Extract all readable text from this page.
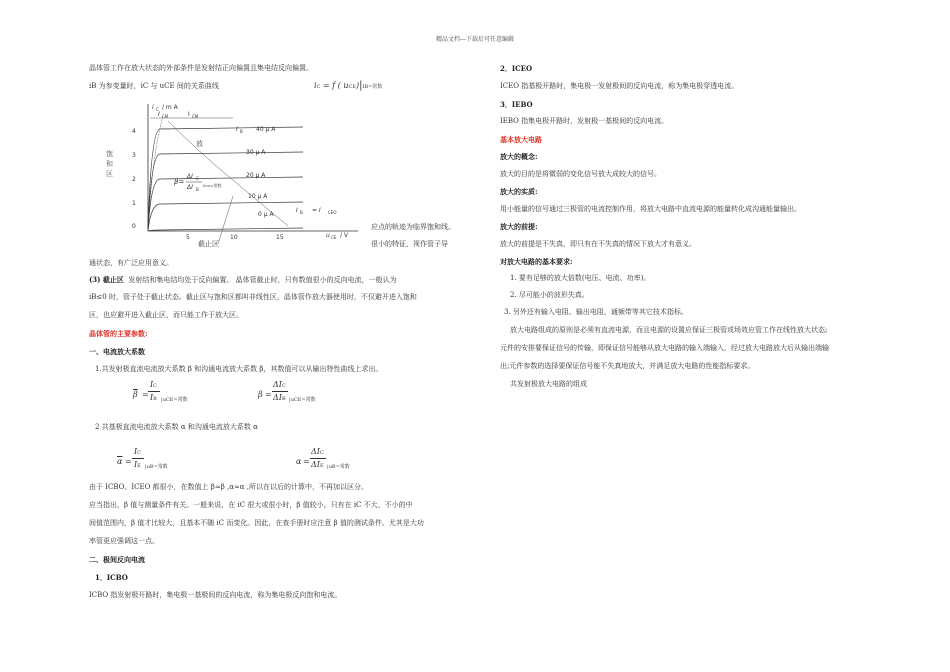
精品文档---下载后可任意编辑
晶体管工作在放大状态的外部条件是发射结正向偏置且集电结反向偏置。
iB 为参变量时，iC 与 uCE 间的关系曲线	iC = f ( uCE)|IB=常数
i C / m A
4
3
2
1
0
5	10	15	u CE / V
饱
和
区
I CM	I CM
I B 40 μ A
30 μ A
20 μ A
10 μ A
0 μ A
放
截止区
β=
ΔI C
ΔI B
u CE =常数
I B = I CEO
应点的轨迹为临界饱和线。
很小的特征，视作管子导
通状态，有广泛应用意义。
(3) 截止区 发射结和集电结均处于反向偏置。 晶体管截止时，只有数值很小的反向电流，一般认为
iB≤0 时，管子处于截止状态。截止区与饱和区都叫非线性区，晶体管作放大器使用时，不仅避开进入饱和
区，也应避开进入截止区，而只能工作于放大区。
晶体管的主要参数:
一、电流放大系数
1.共发射极直流电流放大系数 β 和沟通电流放大系数 β，其数值可以从输出特性曲线上求出。
$\overline{\beta}$ =
IC
IB |uCE=常数
β =
ΔIC
ΔIB |uCE=常数
2 共基极直流电流放大系数 α 和沟通电流放大系数 α
$\overline{\alpha}$ =
IC
IE |uB=常数
α =
ΔIC
ΔIE |uB=常数
由于 ICBO、ICEO 都很小，在数值上 β≈β ,α≈α ,所以在以后的计算中，不再加以区分。
应当指出，β 值与测量条件有关。一般来说，在 iC 很大或很小时，β 值较小。只有在 iC 不大、不小的中
间值范围内，β 值才比较大，且基本不随 iC 而变化。因此，在查手册时应注意 β 值的测试条件。尤其是大功
率管更应强调这一点。
二、极间反向电流
1．ICBO
ICBO 指发射极开路时，集电极一基极间的反向电流，称为集电极反向饱和电流。
2．ICEO
ICEO 指基极开路时，集电极一发射极间的反向电流，称为集电极穿透电流。
3．IEBO
IEBO 指集电极开路时，发射极一基极间的反向电流。
基本放大电路
放大的概念:
放大的目的是将微弱的变化信号放大成较大的信号。
放大的实质:
用小能量的信号通过三极管的电流控制作用，将放大电路中直流电源的能量转化成沟通能量输出。
放大的前提:
放大的前提是不失真，即只有在不失真的情况下放大才有意义。
对放大电路的基本要求:
1. 要有足够的放大倍数(电压、电流、功率)。
2. 尽可能小的波形失真。
3. 另外还有输入电阻、输出电阻、通频带等其它技术指标。
放大电路组成的原则是必须有直流电源，而且电源的设置应保证三极管或场效应管工作在线性放大状态;
元件的安排要保证信号的传输，即保证信号能够从放大电路的输入端输入，经过放大电路放大后从输出端输
出;元件参数的选择要保证信号能不失真地放大，并满足放大电路的性能指标要求。
共发射极放大电路的组成
